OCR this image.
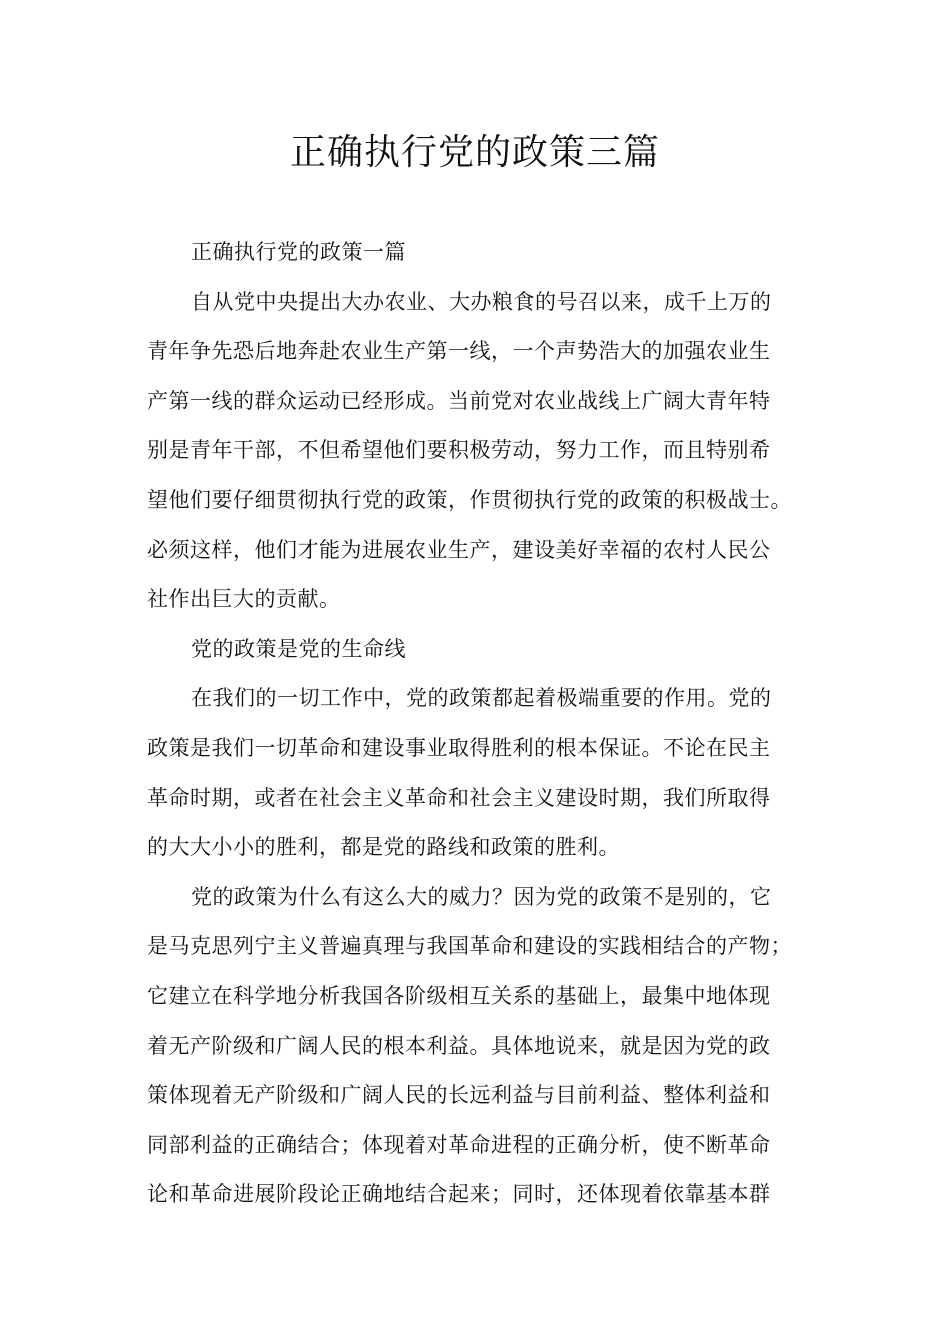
正确执行党的政策三篇
正确执行党的政策一篇
自从党中央提出大办农业、大办粮食的号召以来，成千上万的
青年争先恐后地奔赴农业生产第一线，一个声势浩大的加强农业生
产第一线的群众运动已经形成。当前党对农业战线上广阔大青年特
别是青年干部，不但希望他们要积极劳动，努力工作，而且特别希
望他们要仔细贯彻执行党的政策，作贯彻执行党的政策的积极战士。
必须这样，他们才能为进展农业生产，建设美好幸福的农村人民公
社作出巨大的贡献。
党的政策是党的生命线
在我们的一切工作中，党的政策都起着极端重要的作用。党的
政策是我们一切革命和建设事业取得胜利的根本保证。不论在民主
革命时期，或者在社会主义革命和社会主义建设时期，我们所取得
的大大小小的胜利，都是党的路线和政策的胜利。
党的政策为什么有这么大的威力？因为党的政策不是别的，它
是马克思列宁主义普遍真理与我国革命和建设的实践相结合的产物；
它建立在科学地分析我国各阶级相互关系的基础上，最集中地体现
着无产阶级和广阔人民的根本利益。具体地说来，就是因为党的政
策体现着无产阶级和广阔人民的长远利益与目前利益、整体利益和
同部利益的正确结合；体现着对革命进程的正确分析，使不断革命
论和革命进展阶段论正确地结合起来；同时，还体现着依靠基本群
